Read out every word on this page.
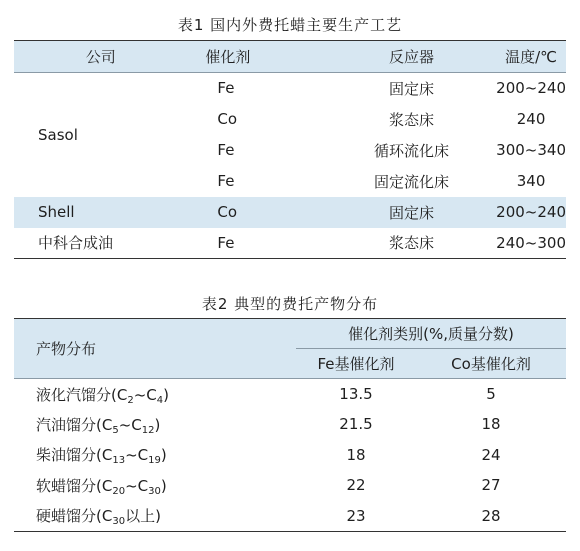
表1 国内外费托蜡主要生产工艺
公司	催化剂	反应器	温度/℃
Sasol	Fe	固定床	200~240
	Co	浆态床	240
	Fe	循环流化床	300~340
	Fe	固定流化床	340
Shell	Co	固定床	200~240
中科合成油	Fe	浆态床	240~300
表2 典型的费托产物分布
产物分布	催化剂类别(%,质量分数)	
	Fe基催化剂	Co基催化剂
液化汽馏分$(C_2\sim C_4)$	13.5	5
汽油馏分$(C_5\sim C_{12})$	21.5	18
柴油馏分$(C_{13}\sim C_{19})$	18	24
软蜡馏分$(C_{20}\sim C_{30})$	22	27
硬蜡馏分($C_{30}$以上)	23	28
